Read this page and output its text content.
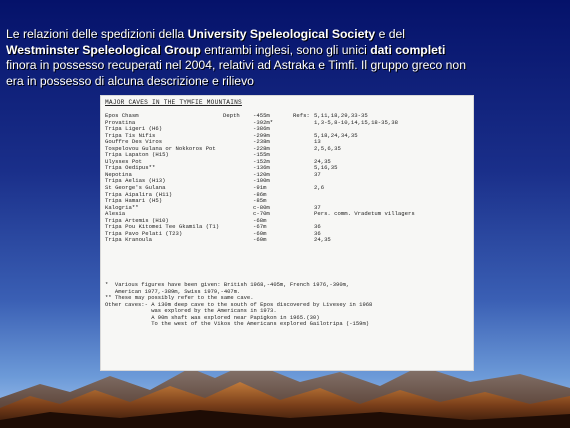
Le relazioni delle spedizioni della University Speleological Society e del
Westminster Speleological Group entrambi inglesi, sono gli unici dati completi
finora in possesso recuperati nel 2004, relativi ad Astraka e Timfi. Il gruppo greco non
era in possesso di alcuna descrizione e rilievo
MAJOR CAVES IN THE TYMFIE MOUNTAINS
Epos Chasm	Depth -455m	Refs: 5,11,18,29,33-35
Provatina	-392m*	1,3-5,8-10,14,15,18-35,38
Tripa Ligeri (H6)	-386m
Tripa Tis Nifis	-299m	5,18,24,34,35
Gouffre Des Viros	-238m	13
Tospelovou Gulana or Nokkoros Pot	-228m	2,5,6,35
Tripa Lapaton (H15)	-155m
Ulysses Pot	-152m	24,35
Tripa Oedipus**	-136m	5,16,35
Nepotina	-120m	37
Tripa Aelias (H13)	-100m
St George's Gulana	-91m	2,6
Tripa Aipalira (H11)	-86m
Tripa Hamari (H5)	-85m
Kalogria**	c-80m	37
Alesia	c-70m	Pers. comm. Vradetum villagers
Tripa Artemis (H10)	-68m
Tripa Pou Kitomei Tee Gkamila (T1)	-67m	36
Tripa Pavo Pelati (T23)	-60m	36
Tripa Kranoula	-60m	24,35
*  Various figures have been given: British 1968,-405m, French 1976,-390m,
American 1977,-389m, Swiss 1979,-407m.
** These may possibly refer to the same cave.
Other caves:- A 130m deep cave to the south of Epos discovered by Livesey in 1968
was explored by the Americans in 1973.
A 90m shaft was explored near Papigkon in 1965.(30)
To the west of the Vikos the Americans explored Gailotripa (-159m)
